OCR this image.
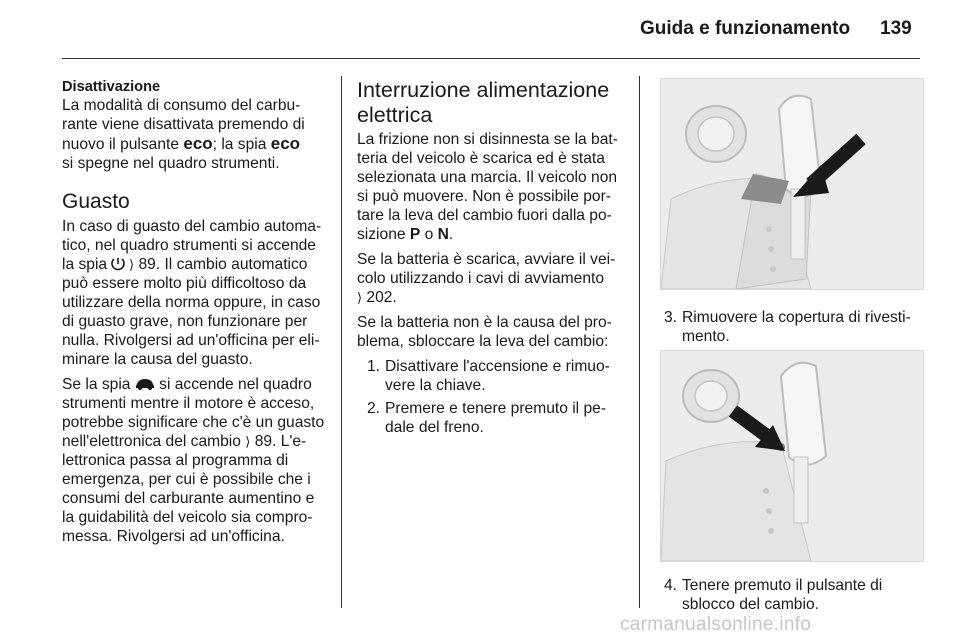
Guida e funzionamento 139
Disattivazione
La modalità di consumo del carbu-
rante viene disattivata premendo di
nuovo il pulsante eco; la spia eco
si spegne nel quadro strumenti.
Guasto

In caso di guasto del cambio automa-
tico, nel quadro strumenti si accende
la spia  ⟩ 89. Il cambio automatico
può essere molto più difficoltoso da
utilizzare della norma oppure, in caso
di guasto grave, non funzionare per
nulla. Rivolgersi ad un'officina per eli-
minare la causa del guasto.

Se la spia  si accende nel quadro
strumenti mentre il motore è acceso,
potrebbe significare che c'è un guasto
nell'elettronica del cambio ⟩ 89. L'e-
lettronica passa al programma di
emergenza, per cui è possibile che i
consumi del carburante aumentino e
la guidabilità del veicolo sia compro-
messa. Rivolgersi ad un'officina.

Interruzione alimentazione
elettrica

La frizione non si disinnesta se la bat-
teria del veicolo è scarica ed è stata
selezionata una marcia. Il veicolo non
si può muovere. Non è possibile por-
tare la leva del cambio fuori dalla po-
sizione P o N.

Se la batteria è scarica, avviare il vei-
colo utilizzando i cavi di avviamento
⟩ 202.

Se la batteria non è la causa del pro-
blema, sbloccare la leva del cambio:

1. Disattivare l'accensione e rimuo-
vere la chiave.
2. Premere e tenere premuto il pe-
dale del freno.
3. Rimuovere la copertura di rivesti-
mento.
4. Tenere premuto il pulsante di
sblocco del cambio.
carmanualsonline.info
